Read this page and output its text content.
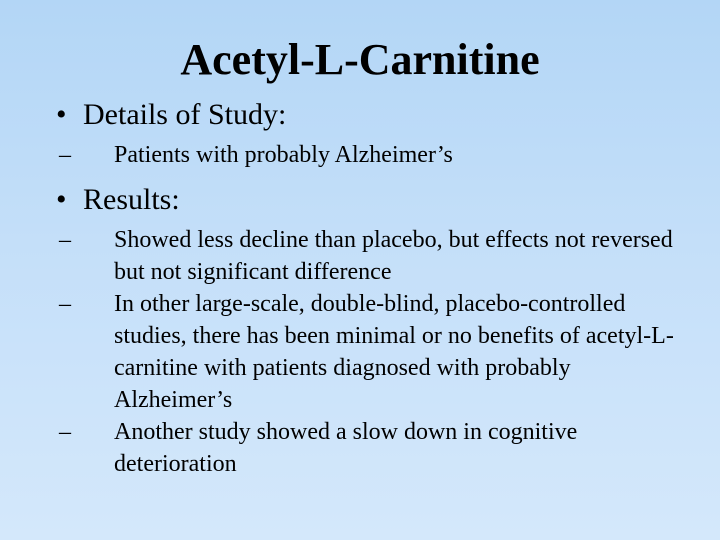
Acetyl-L-Carnitine
• Details of Study:
– Patients with probably Alzheimer’s
• Results:
– Showed less decline than placebo, but effects not reversed but not significant difference
– In other large-scale, double-blind, placebo-controlled studies, there has been minimal or no benefits of acetyl-L-carnitine with patients diagnosed with probably Alzheimer’s
– Another study showed a slow down in cognitive deterioration
